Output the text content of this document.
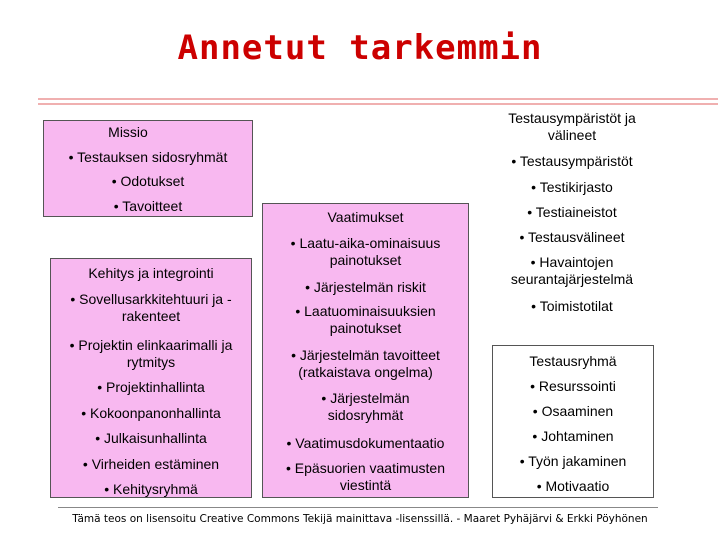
Annetut tarkemmin
Missio
• Testauksen sidosryhmät
• Odotukset
• Tavoitteet
Kehitys ja integrointi
• Sovellusarkkitehtuuri ja -rakenteet
• Projektin elinkaarimalli ja rytmitys
• Projektinhallinta
• Kokoonpanonhallinta
• Julkaisunhallinta
• Virheiden estäminen
• Kehitysryhmä
Vaatimukset
• Laatu-aika-ominaisuus painotukset
• Järjestelmän riskit
• Laatuominaisuuksien painotukset
• Järjestelmän tavoitteet (ratkaistava ongelma)
• Järjestelmän sidosryhmät
• Vaatimusdokumentaatio
• Epäsuorien vaatimusten viestintä
Testausympäristöt ja välineet
• Testausympäristöt
• Testikirjasto
• Testiaineistot
• Testausvälineet
• Havaintojen seurantajärjestelmä
• Toimistotilat
Testausryhmä
• Resurssointi
• Osaaminen
• Johtaminen
• Työn jakaminen
• Motivaatio
Tämä teos on lisensoitu Creative Commons Tekijä mainittava -lisenssillä. - Maaret Pyhäjärvi & Erkki Pöyhönen
